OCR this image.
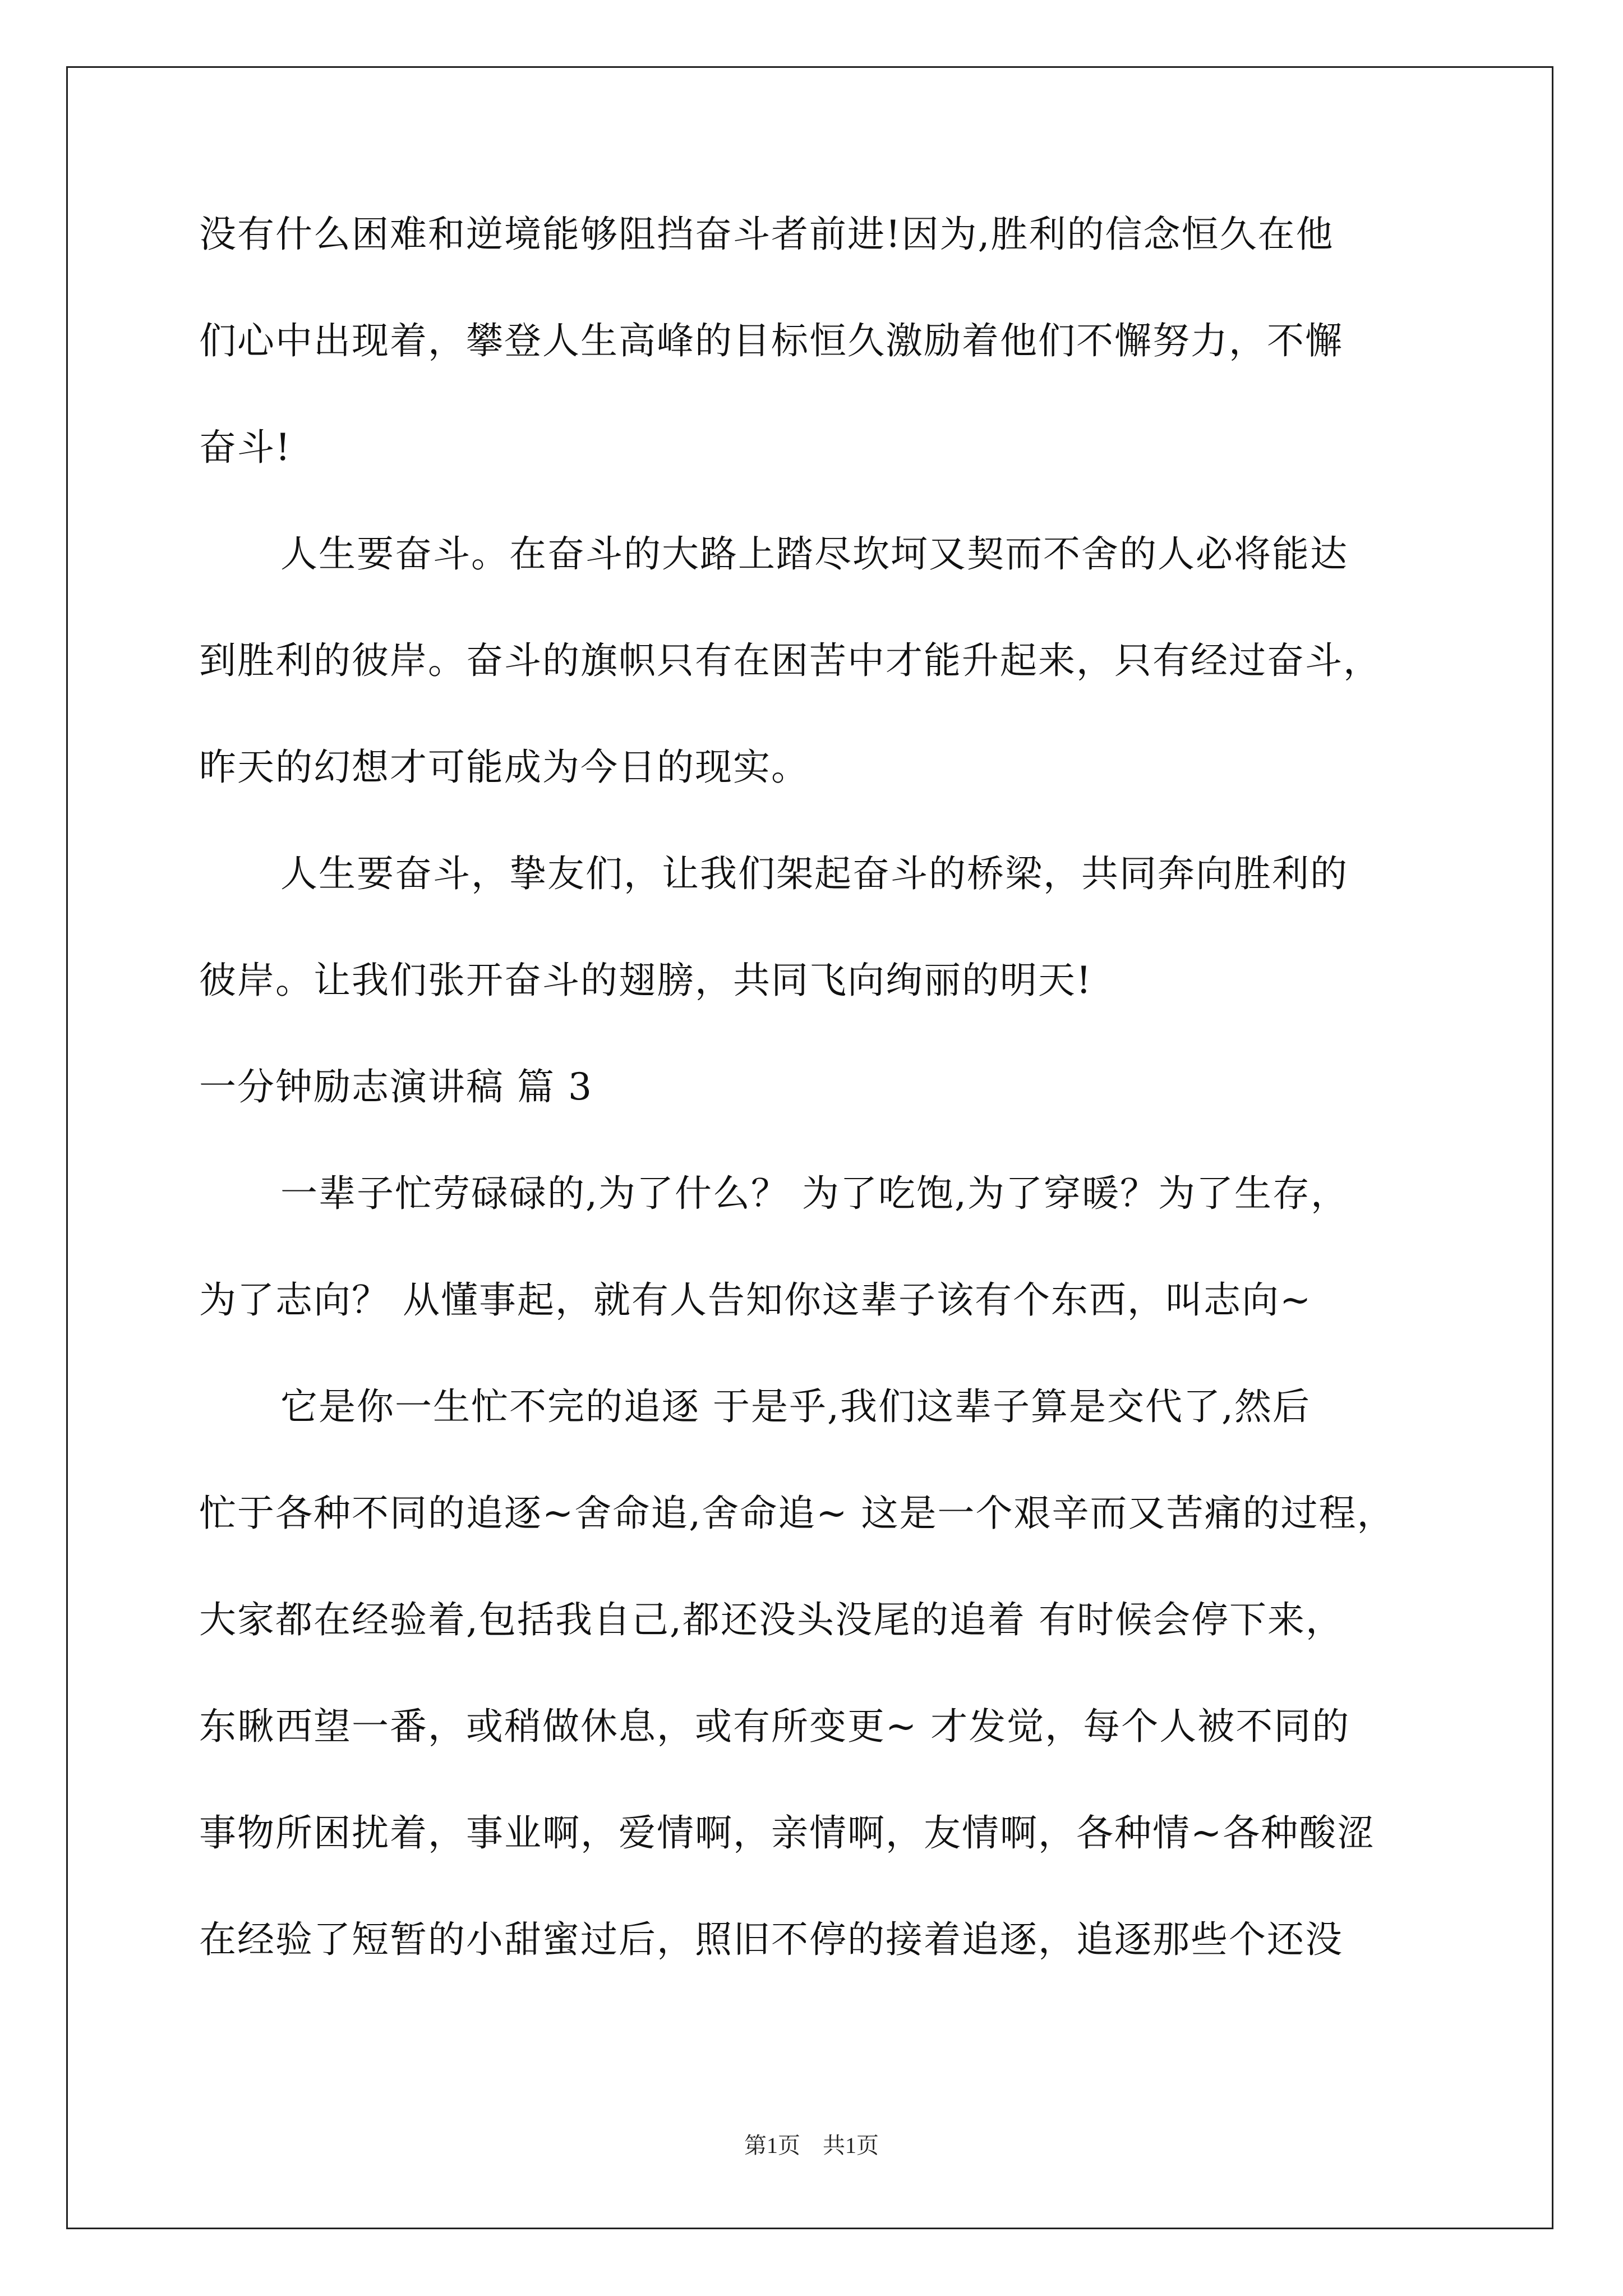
没有什么困难和逆境能够阻挡奋斗者前进!因为,胜利的信念恒久在他
们心中出现着，攀登人生高峰的目标恒久激励着他们不懈努力，不懈
奋斗!
人生要奋斗。在奋斗的大路上踏尽坎坷又契而不舍的人必将能达
到胜利的彼岸。奋斗的旗帜只有在困苦中才能升起来，只有经过奋斗，
昨天的幻想才可能成为今日的现实。
人生要奋斗，挚友们，让我们架起奋斗的桥梁，共同奔向胜利的
彼岸。让我们张开奋斗的翅膀，共同飞向绚丽的明天!
一分钟励志演讲稿 篇 3
一辈子忙劳碌碌的,为了什么？ 为了吃饱,为了穿暖？为了生存，
为了志向？ 从懂事起，就有人告知你这辈子该有个东西，叫志向~
它是你一生忙不完的追逐 于是乎,我们这辈子算是交代了,然后
忙于各种不同的追逐~舍命追,舍命追~ 这是一个艰辛而又苦痛的过程，
大家都在经验着,包括我自己,都还没头没尾的追着 有时候会停下来，
东瞅西望一番，或稍做休息，或有所变更~ 才发觉，每个人被不同的
事物所困扰着，事业啊，爱情啊，亲情啊，友情啊，各种情~各种酸涩
在经验了短暂的小甜蜜过后，照旧不停的接着追逐，追逐那些个还没
第1页　共1页
